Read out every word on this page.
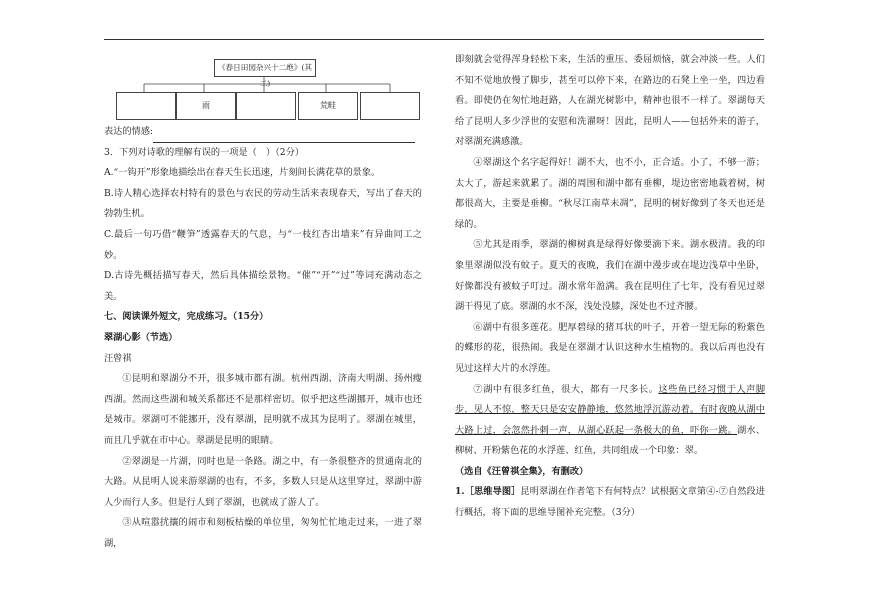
《春日田园杂兴十二绝》(其二)
雨	荒畦

表达的情感:

3．下列对诗歌的理解有误的一项是（　）（2分）

A.“一钩开”形象地描绘出在春天生长迅速，片刻间长满花草的景象。

B.诗人精心选择农村特有的景色与农民的劳动生活来表现春天，写出了春天的勃勃生机。

C.最后一句巧借“鞭笋”透露春天的气息，与“一枝红杏出墙来”有异曲同工之妙。

D.古诗先概括描写春天，然后具体描绘景物。“催”“开”“过”等词充满动态之美。

七、阅读课外短文，完成练习。（15分）

翠湖心影（节选）

汪曾祺

①昆明和翠湖分不开，很多城市都有湖。杭州西湖、济南大明湖、扬州瘦西湖。然而这些湖和城关系都还不是那样密切。似乎把这些湖挪开，城市也还是城市。翠湖可不能挪开，没有翠湖，昆明就不成其为昆明了。翠湖在城里，而且几乎就在市中心。翠湖是昆明的眼睛。

②翠湖是一片湖，同时也是一条路。湖之中，有一条很整齐的贯通南北的大路。从昆明人说来游翠湖的也有，不多，多数人只是从这里穿过，翠湖中游人少而行人多。但是行人到了翠湖，也就成了游人了。

③从喧嚣扰攘的闹市和刻板枯燥的单位里，匆匆忙忙地走过来，一进了翠湖，

即刻就会觉得浑身轻松下来，生活的重压、委屈烦恼，就会冲淡一些。人们不知不觉地放慢了脚步，甚至可以停下来，在路边的石凳上坐一坐，四边看看。即使仍在匆忙地赶路，人在湖光树影中，精神也很不一样了。翠湖每天给了昆明人多少浮世的安慰和洗濯呀！因此，昆明人——包括外来的游子，对翠湖充满感激。

④翠湖这个名字起得好！湖不大，也不小，正合适。小了，不够一游；太大了，游起来就累了。湖的周围和湖中都有垂柳，堤边密密地栽着树，树都很高大，主要是垂柳。“秋尽江南草未凋”，昆明的树好像到了冬天也还是绿的。

⑤尤其是雨季，翠湖的柳树真是绿得好像要滴下来。湖水极清。我的印象里翠湖似没有蚊子。夏天的夜晚，我们在湖中漫步或在堤边浅草中坐卧，好像都没有被蚊子叮过。湖水常年盈满。我在昆明住了七年，没有看见过翠湖干得见了底。翠湖的水不深，浅处没膝，深处也不过齐腰。

⑥湖中有很多莲花。肥厚碧绿的猪耳状的叶子，开着一望无际的粉紫色的蝶形的花，很热闹。我是在翠湖才认识这种水生植物的。我以后再也没有见过这样大片的水浮莲。

⑦湖中有很多红鱼，很大，都有一尺多长。这些鱼已经习惯于人声脚步，见人不惊，整天只是安安静静地，悠然地浮沉游动着。有时夜晚从湖中大路上过，会忽然扑剌一声，从湖心跃起一条极大的鱼，吓你一跳。湖水、柳树、开粉紫色花的水浮莲、红鱼，共同组成一个印象：翠。

（选自《汪曾祺全集》，有删改）

1.［思维导图］昆明翠湖在作者笔下有何特点？试根据文章第④-⑦自然段进行概括，将下面的思维导图补充完整。（3分）
